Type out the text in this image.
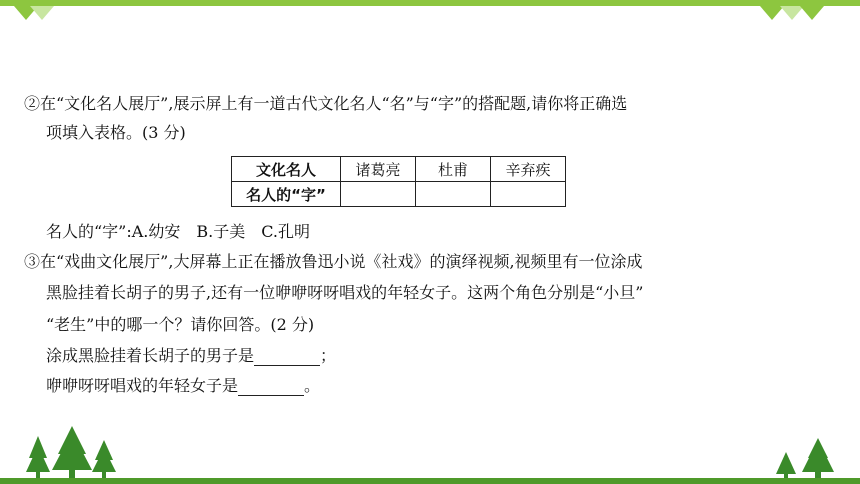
②在“文化名人展厅”,展示屏上有一道古代文化名人“名”与“字”的搭配题,请你将正确选
项填入表格。(3 分)
文化名人	诸葛亮	杜甫	辛弃疾
名人的“字”			
名人的“字”:A.幼安　B.子美　C.孔明
③在“戏曲文化展厅”,大屏幕上正在播放鲁迅小说《社戏》的演绎视频,视频里有一位涂成
黑脸挂着长胡子的男子,还有一位咿咿呀呀唱戏的年轻女子。这两个角色分别是“小旦”
“老生”中的哪一个？请你回答。(2 分)
涂成黑脸挂着长胡子的男子是	；
咿咿呀呀唱戏的年轻女子是	。
